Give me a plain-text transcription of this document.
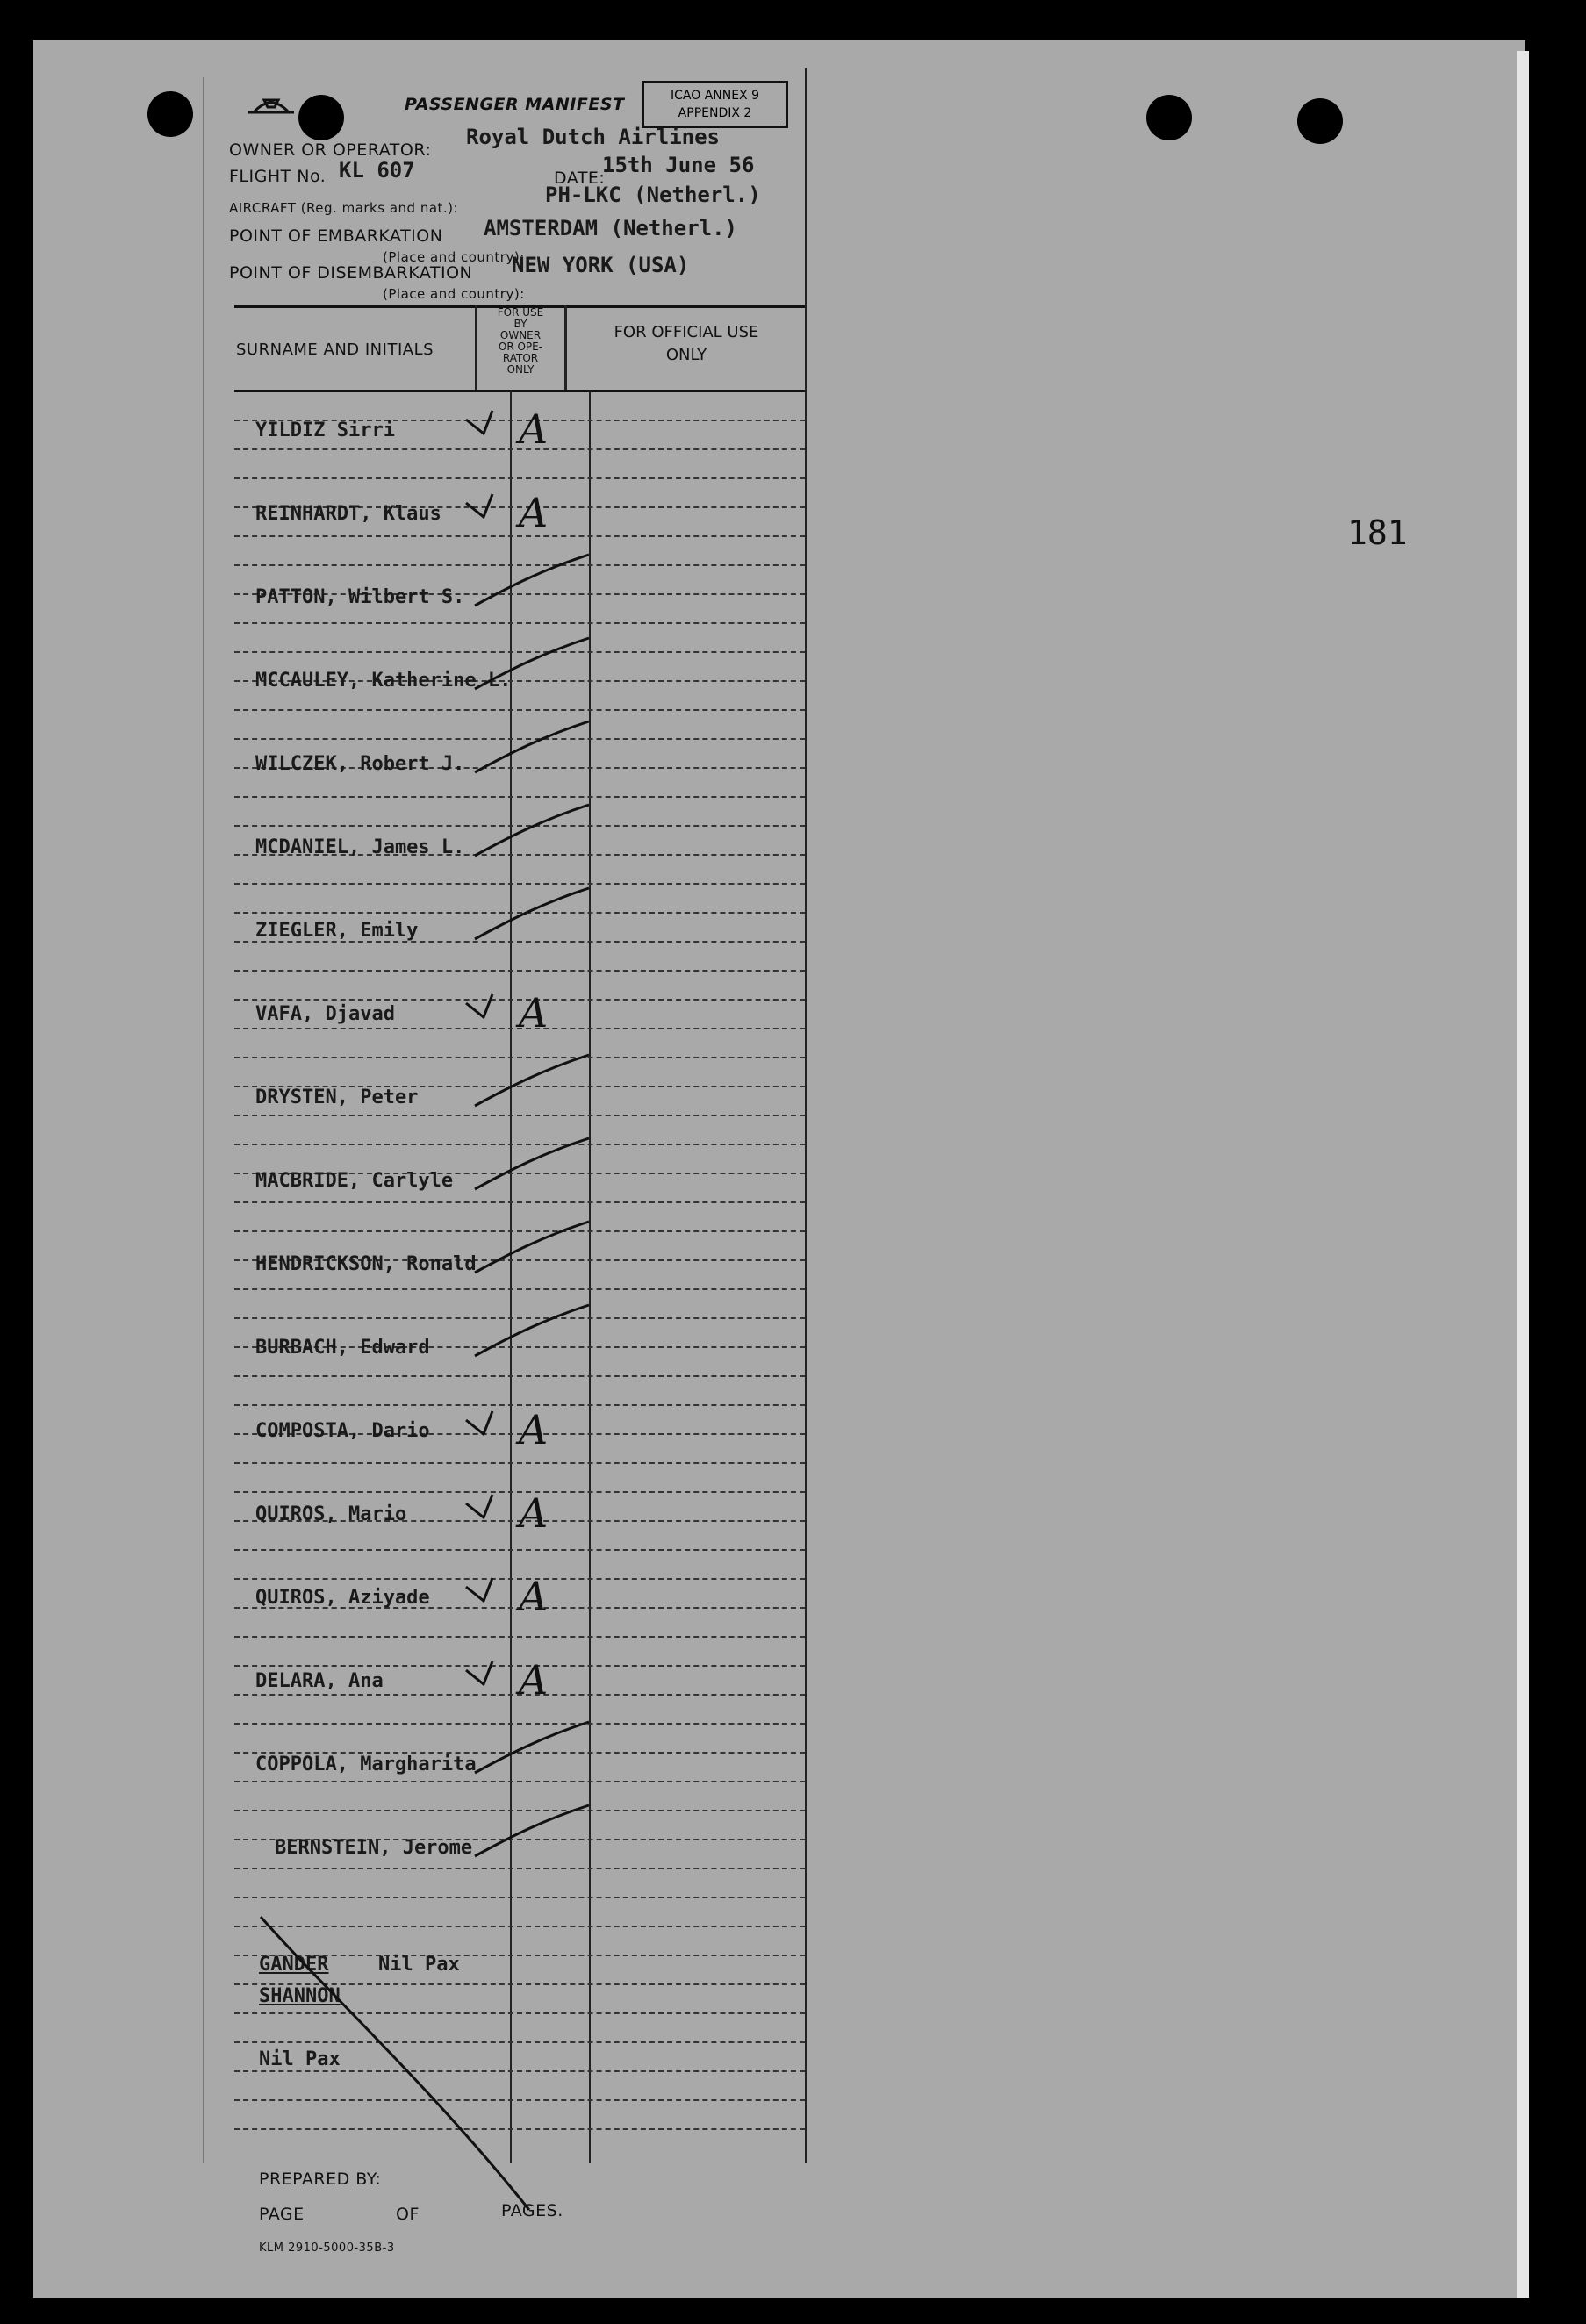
181
PASSENGER MANIFEST	ICAO ANNEX 9
APPENDIX 2
OWNER OR OPERATOR:
Royal Dutch Airlines
FLIGHT No. KL 607	DATE:
15th June 56
AIRCRAFT (Reg. marks and nat.):
PH-LKC (Netherl.)
POINT OF EMBARKATION AMSTERDAM (Netherl.)
(Place and country):
POINT OF DISEMBARKATION NEW YORK (USA)
(Place and country):
SURNAME AND INITIALS
FOR USE
BY
OWNER
OR OPE-
RATOR
ONLY
FOR OFFICIAL USE
ONLY
YILDIZ Sirri	A
REINHARDT, Klaus A
PATTON, Wilbert S.
MCCAULEY, Katherine L.
WILCZEK, Robert J.
MCDANIEL, James L.
ZIEGLER, Emily
VAFA, Djavad	A
DRYSTEN, Peter
MACBRIDE, Carlyle
HENDRICKSON, Ronald
BURBACH, Edward
COMPOSTA, Dario A
QUIROS, Mario	A
QUIROS, Aziyade A
DELARA, Ana	A
COPPOLA, Margharita
BERNSTEIN, Jerome
GANDER	Nil Pax
SHANNON
Nil Pax
PREPARED BY:
PAGE	OF	PAGES.
KLM 2910-5000-35B-3
